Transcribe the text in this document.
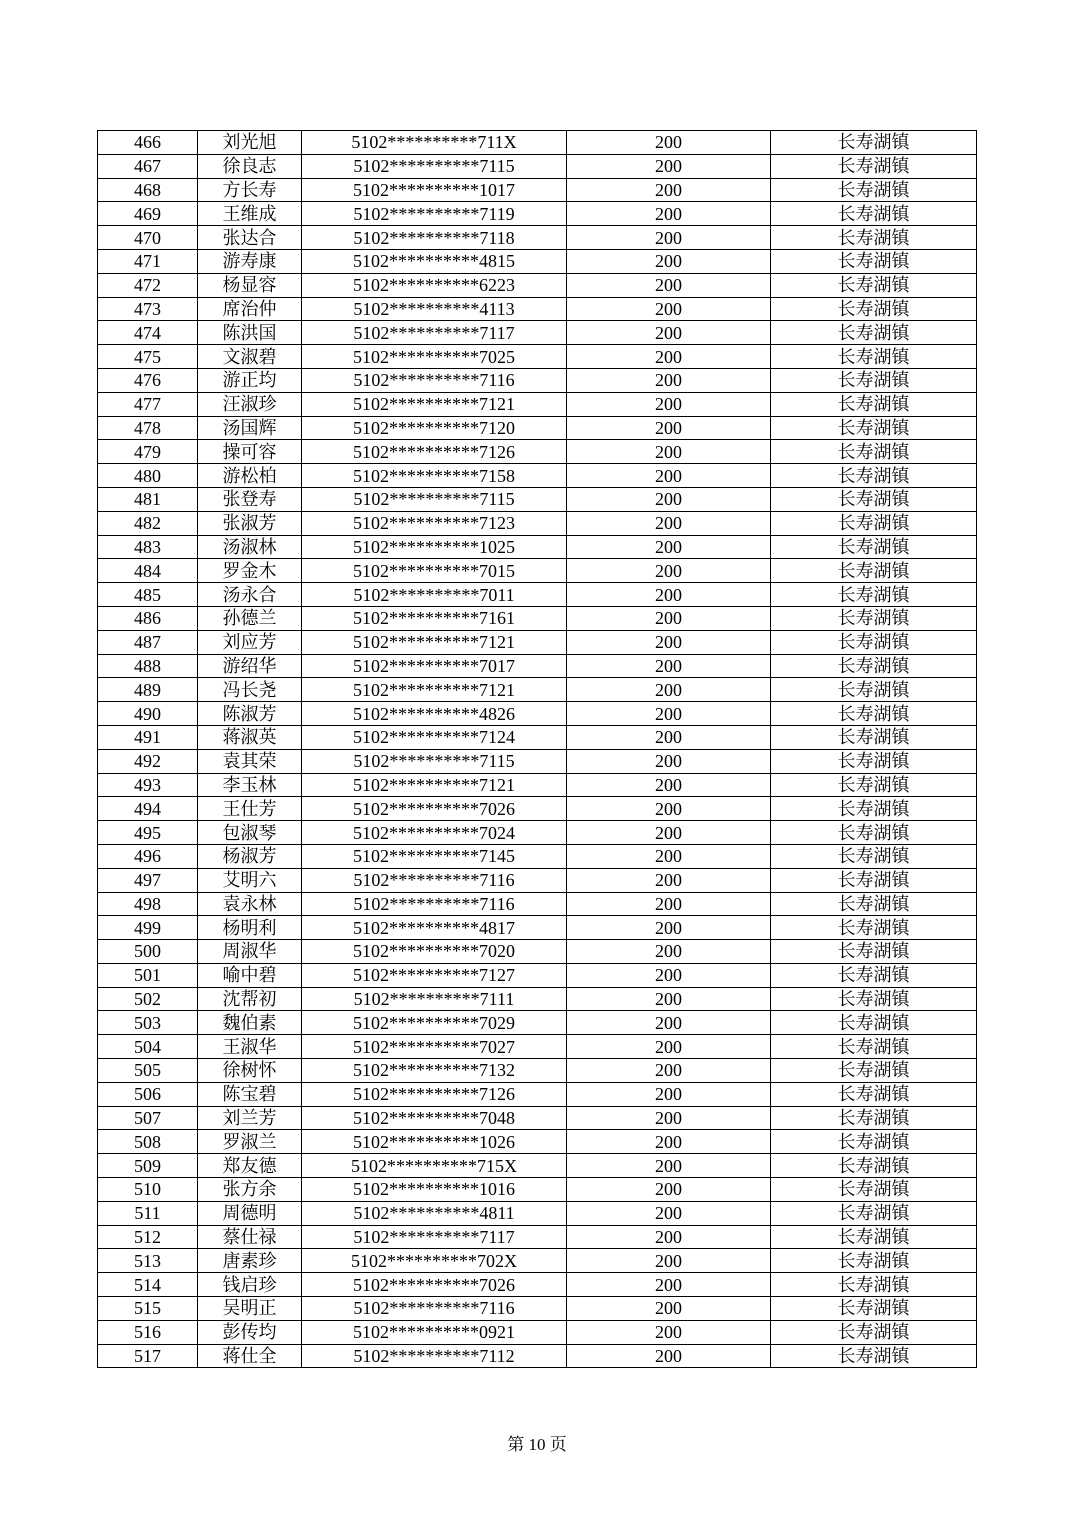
466	刘光旭	5102**********711X	200	长寿湖镇
467	徐良志	5102**********7115	200	长寿湖镇
468	方长寿	5102**********1017	200	长寿湖镇
469	王维成	5102**********7119	200	长寿湖镇
470	张达合	5102**********7118	200	长寿湖镇
471	游寿康	5102**********4815	200	长寿湖镇
472	杨显容	5102**********6223	200	长寿湖镇
473	席治仲	5102**********4113	200	长寿湖镇
474	陈洪国	5102**********7117	200	长寿湖镇
475	文淑碧	5102**********7025	200	长寿湖镇
476	游正均	5102**********7116	200	长寿湖镇
477	汪淑珍	5102**********7121	200	长寿湖镇
478	汤国辉	5102**********7120	200	长寿湖镇
479	操可容	5102**********7126	200	长寿湖镇
480	游松柏	5102**********7158	200	长寿湖镇
481	张登寿	5102**********7115	200	长寿湖镇
482	张淑芳	5102**********7123	200	长寿湖镇
483	汤淑林	5102**********1025	200	长寿湖镇
484	罗金木	5102**********7015	200	长寿湖镇
485	汤永合	5102**********7011	200	长寿湖镇
486	孙德兰	5102**********7161	200	长寿湖镇
487	刘应芳	5102**********7121	200	长寿湖镇
488	游绍华	5102**********7017	200	长寿湖镇
489	冯长尧	5102**********7121	200	长寿湖镇
490	陈淑芳	5102**********4826	200	长寿湖镇
491	蒋淑英	5102**********7124	200	长寿湖镇
492	袁其荣	5102**********7115	200	长寿湖镇
493	李玉林	5102**********7121	200	长寿湖镇
494	王仕芳	5102**********7026	200	长寿湖镇
495	包淑琴	5102**********7024	200	长寿湖镇
496	杨淑芳	5102**********7145	200	长寿湖镇
497	艾明六	5102**********7116	200	长寿湖镇
498	袁永林	5102**********7116	200	长寿湖镇
499	杨明利	5102**********4817	200	长寿湖镇
500	周淑华	5102**********7020	200	长寿湖镇
501	喻中碧	5102**********7127	200	长寿湖镇
502	沈帮初	5102**********7111	200	长寿湖镇
503	魏伯素	5102**********7029	200	长寿湖镇
504	王淑华	5102**********7027	200	长寿湖镇
505	徐树怀	5102**********7132	200	长寿湖镇
506	陈宝碧	5102**********7126	200	长寿湖镇
507	刘兰芳	5102**********7048	200	长寿湖镇
508	罗淑兰	5102**********1026	200	长寿湖镇
509	郑友德	5102**********715X	200	长寿湖镇
510	张方余	5102**********1016	200	长寿湖镇
511	周德明	5102**********4811	200	长寿湖镇
512	蔡仕禄	5102**********7117	200	长寿湖镇
513	唐素珍	5102**********702X	200	长寿湖镇
514	钱启珍	5102**********7026	200	长寿湖镇
515	吴明正	5102**********7116	200	长寿湖镇
516	彭传均	5102**********0921	200	长寿湖镇
517	蒋仕全	5102**********7112	200	长寿湖镇
第 10 页
